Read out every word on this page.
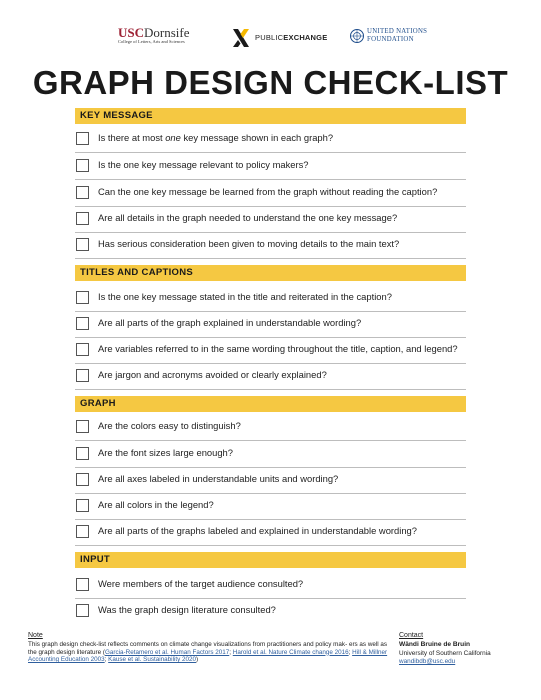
USCDornsife
College of Letters, Arts and Sciences	PUBLICEXCHANGE
UNITED NATIONS
FOUNDATION
GRAPH DESIGN CHECK-LIST
KEY MESSAGE
Is there at most one key message shown in each graph?
Is the one key message relevant to policy makers?
Can the one key message be learned from the graph without reading the caption?
Are all details in the graph needed to understand the one key message?
Has serious consideration been given to moving details to the main text?
TITLES AND CAPTIONS
Is the one key message stated in the title and reiterated in the caption?
Are all parts of the graph explained in understandable wording?
Are variables referred to in the same wording throughout the title, caption, and legend?
Are jargon and acronyms avoided or clearly explained?
GRAPH
Are the colors easy to distinguish?
Are the font sizes large enough?
Are all axes labeled in understandable units and wording?
Are all colors in the legend?
Are all parts of the graphs labeled and explained in understandable wording?
INPUT
Were members of the target audience consulted?
Was the graph design literature consulted?
Note
This graph design check-list reflects comments on climate change visualizations from practitioners and policy mak- ers as well as the graph design literature (Garcia-Retamero et al. Human Factors 2017; Harold et al. Nature Climate change 2016; Hill & Millner Accounting Education 2003; Kause et al. Sustainability 2020)
Contact
Wändi Bruine de Bruin
University of Southern California
wandibdb@usc.edu
